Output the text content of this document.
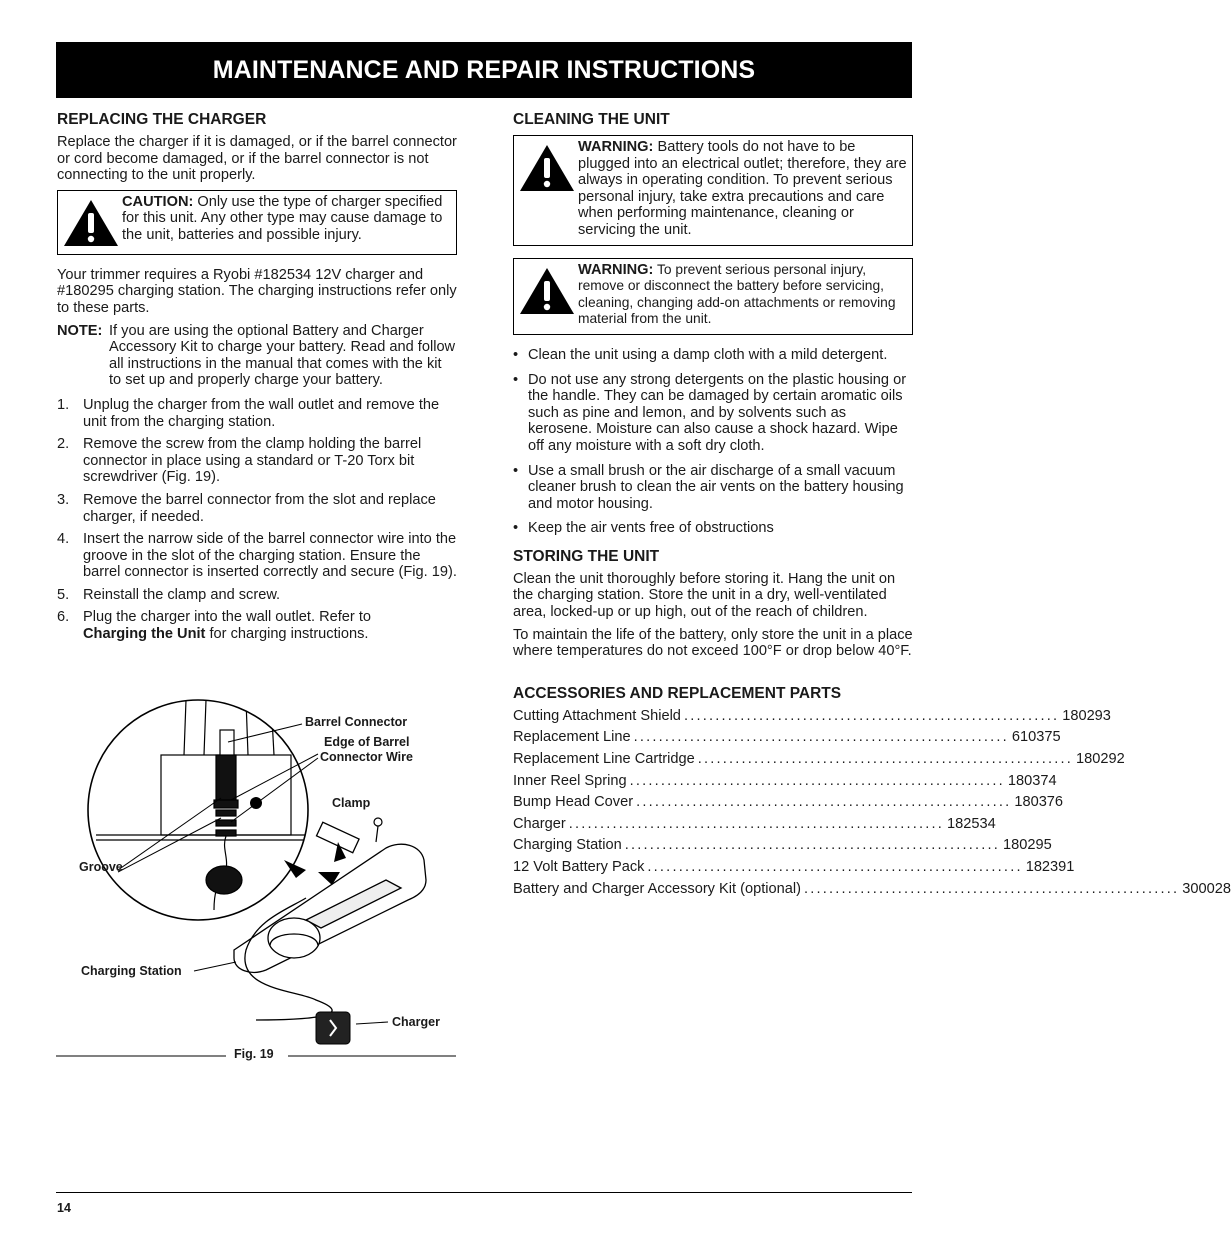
MAINTENANCE AND REPAIR INSTRUCTIONS
REPLACING THE CHARGER

Replace the charger if it is damaged, or if the barrel connector or cord become damaged, or if the barrel connector is not connecting to the unit properly.

CAUTION: Only use the type of charger specified for this unit. Any other type may cause damage to the unit, batteries and possible injury.

Your trimmer requires a Ryobi #182534 12V charger and #180295 charging station. The charging instructions refer only to these parts.

NOTE: If you are using the optional Battery and Charger Accessory Kit to charge your battery. Read and follow all instructions in the manual that comes with the kit to set up and properly charge your battery.
1. Unplug the charger from the wall outlet and remove the unit from the charging station.
2. Remove the screw from the clamp holding the barrel connector in place using a standard or T-20 Torx bit screwdriver (Fig. 19).
3. Remove the barrel connector from the slot and replace charger, if needed.
4. Insert the narrow side of the barrel connector wire into the groove in the slot of the charging station. Ensure the barrel connector is inserted correctly and secure (Fig. 19).
5. Reinstall the clamp and screw.
6. Plug the charger into the wall outlet. Refer to
Charging the Unit for charging instructions.
Barrel Connector
Edge of Barrel
Connector Wire
Clamp
Groove
Charging Station
Charger
Fig. 19
CLEANING THE UNIT
WARNING: Battery tools do not have to be plugged into an electrical outlet; therefore, they are always in operating condition. To prevent serious personal injury, take extra precautions and care when performing maintenance, cleaning or servicing the unit.
WARNING: To prevent serious personal injury, remove or disconnect the battery before servicing, cleaning, changing add-on attachments or removing material from the unit.
• Clean the unit using a damp cloth with a mild detergent.
• Do not use any strong detergents on the plastic housing or the handle. They can be damaged by certain aromatic oils such as pine and lemon, and by solvents such as kerosene. Moisture can also cause a shock hazard. Wipe off any moisture with a soft dry cloth.
• Use a small brush or the air discharge of a small vacuum cleaner brush to clean the air vents on the battery housing and motor housing.
• Keep the air vents free of obstructions
STORING THE UNIT

Clean the unit thoroughly before storing it. Hang the unit on the charging station. Store the unit in a dry, well-ventilated area, locked-up or up high, out of the reach of children.

To maintain the life of the battery, only store the unit in a place where temperatures do not exceed 100°F or drop below 40°F.

ACCESSORIES AND REPLACEMENT PARTS
Cutting Attachment Shield ............................................................ 180293
Replacement Line ............................................................ 610375
Replacement Line Cartridge ............................................................ 180292
Inner Reel Spring ............................................................ 180374
Bump Head Cover ............................................................ 180376
Charger ............................................................ 182534
Charging Station ............................................................ 180295
12 Volt Battery Pack ............................................................ 182391
Battery and Charger Accessory Kit (optional) ............................................................ 300028
14
